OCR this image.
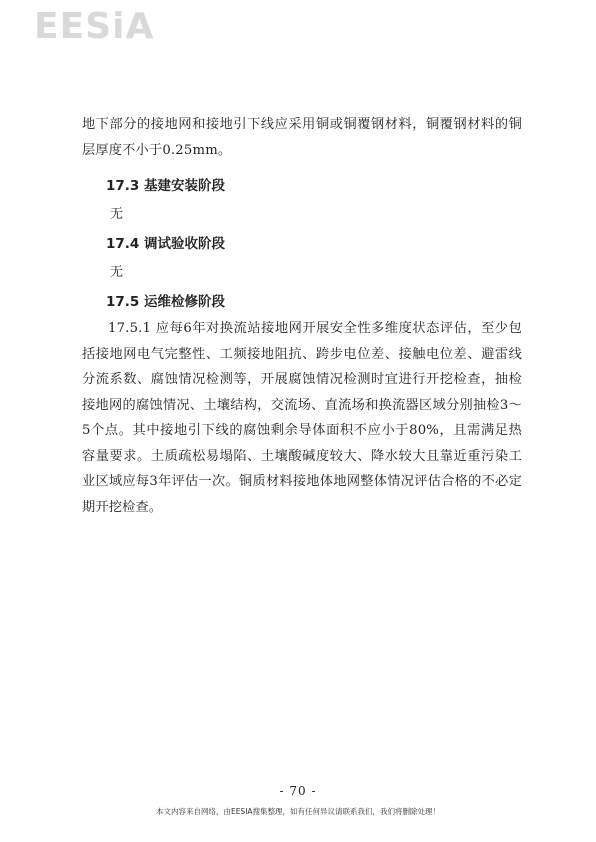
EESiA
地下部分的接地网和接地引下线应采用铜或铜覆钢材料，铜覆钢材料的铜层厚度不小于0.25mm。
17.3 基建安装阶段
无
17.4 调试验收阶段
无
17.5 运维检修阶段
17.5.1 应每6年对换流站接地网开展安全性多维度状态评估，至少包括接地网电气完整性、工频接地阻抗、跨步电位差、接触电位差、避雷线分流系数、腐蚀情况检测等，开展腐蚀情况检测时宜进行开挖检查，抽检接地网的腐蚀情况、土壤结构，交流场、直流场和换流器区域分别抽检3～5个点。其中接地引下线的腐蚀剩余导体面积不应小于80%，且需满足热容量要求。土质疏松易塌陷、土壤酸碱度较大、降水较大且靠近重污染工业区域应每3年评估一次。铜质材料接地体地网整体情况评估合格的不必定期开挖检查。
- 70 -
本文内容来自网络，由EESIA搜集整理，如有任何异议请联系我们，我们将删除处理！
